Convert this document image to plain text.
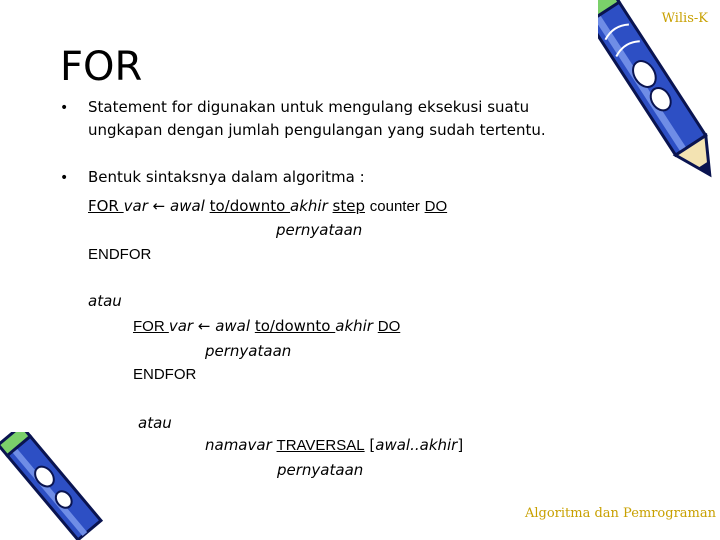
Wilis-K
FOR
• Statement for digunakan untuk mengulang eksekusi suatu
ungkapan dengan jumlah pengulangan yang sudah tertentu.
• Bentuk sintaksnya dalam algoritma :
FOR var ← awal to/downto akhir step counter DO
pernyataan
ENDFOR
atau
FOR var ← awal to/downto akhir DO
pernyataan
ENDFOR
atau
namavar TRAVERSAL [awal..akhir]
pernyataan
Algoritma dan Pemrograman
